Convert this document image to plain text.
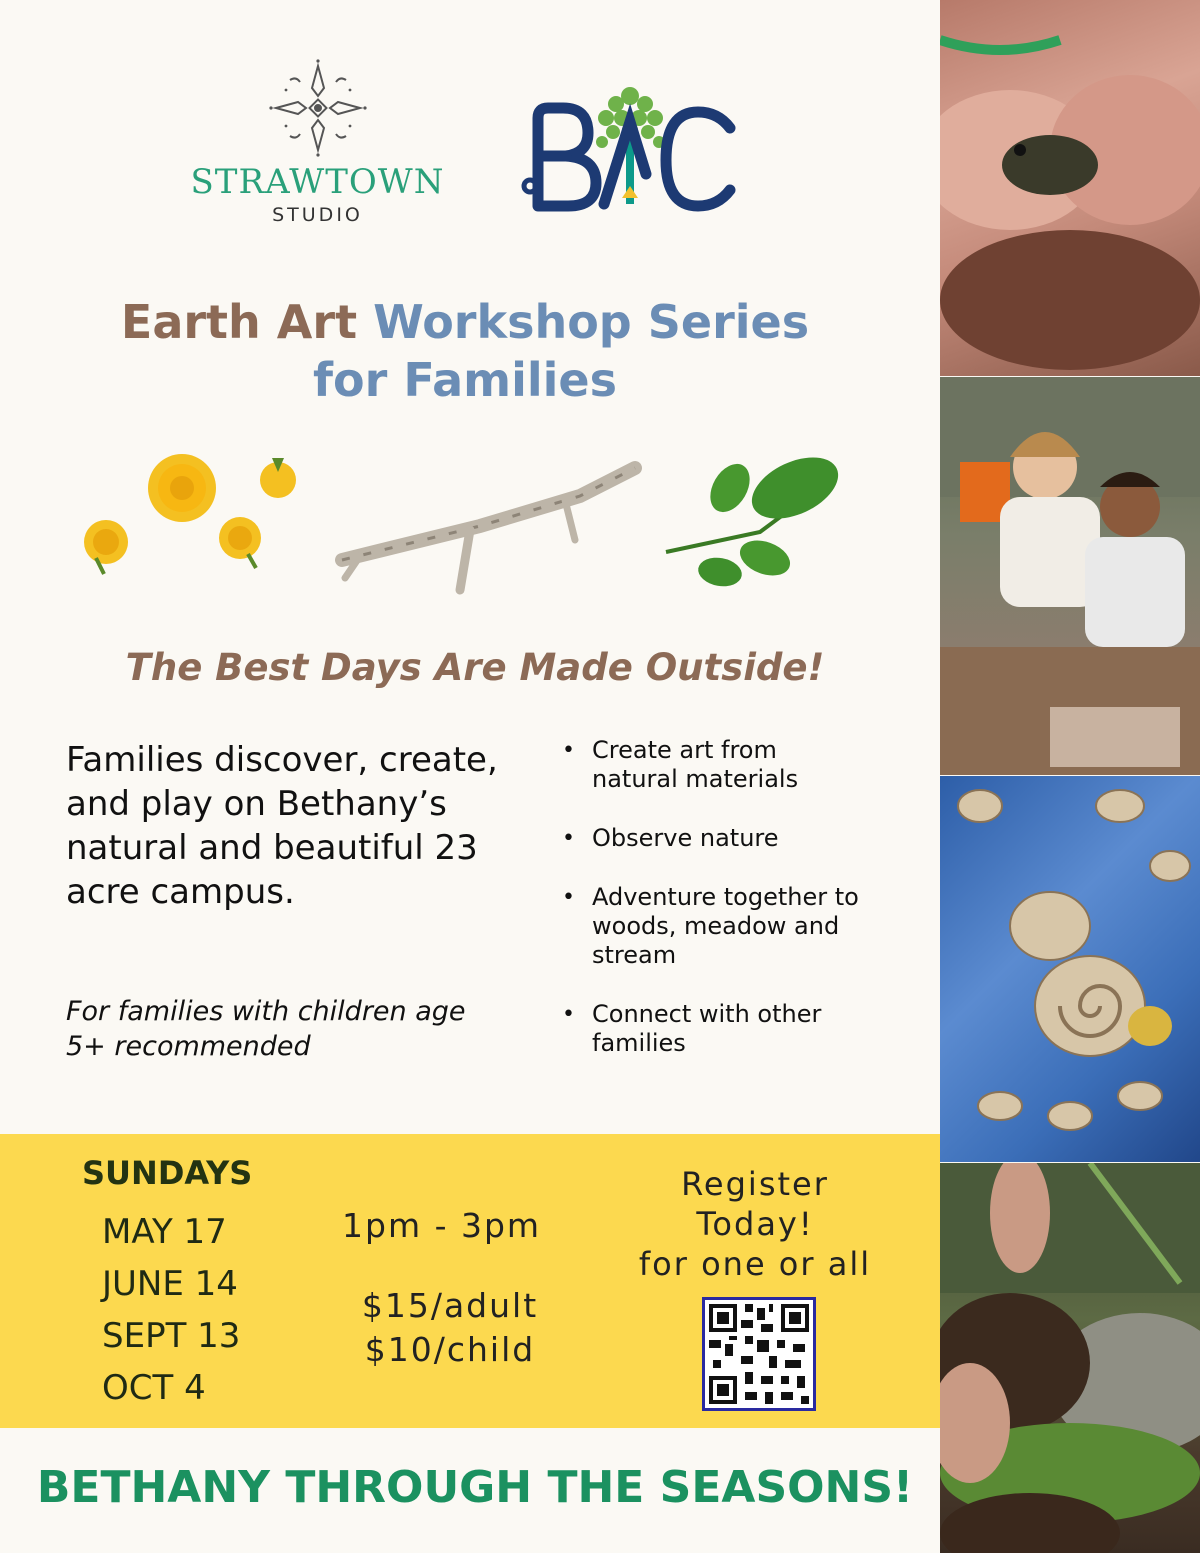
STRAWTOWN
STUDIO
Earth Art Workshop Series
for Families
The Best Days Are Made Outside!
Families discover, create, and play on Bethany’s natural and beautiful 23 acre campus.
For families with children age 5+ recommended
• Create art from natural materials
• Observe nature
• Adventure together to woods, meadow and stream
• Connect with other families
SUNDAYS
MAY 17
JUNE 14
SEPT 13
OCT 4
1pm - 3pm
$15/adult
$10/child
Register
Today!
for one or all
BETHANY THROUGH THE SEASONS!
